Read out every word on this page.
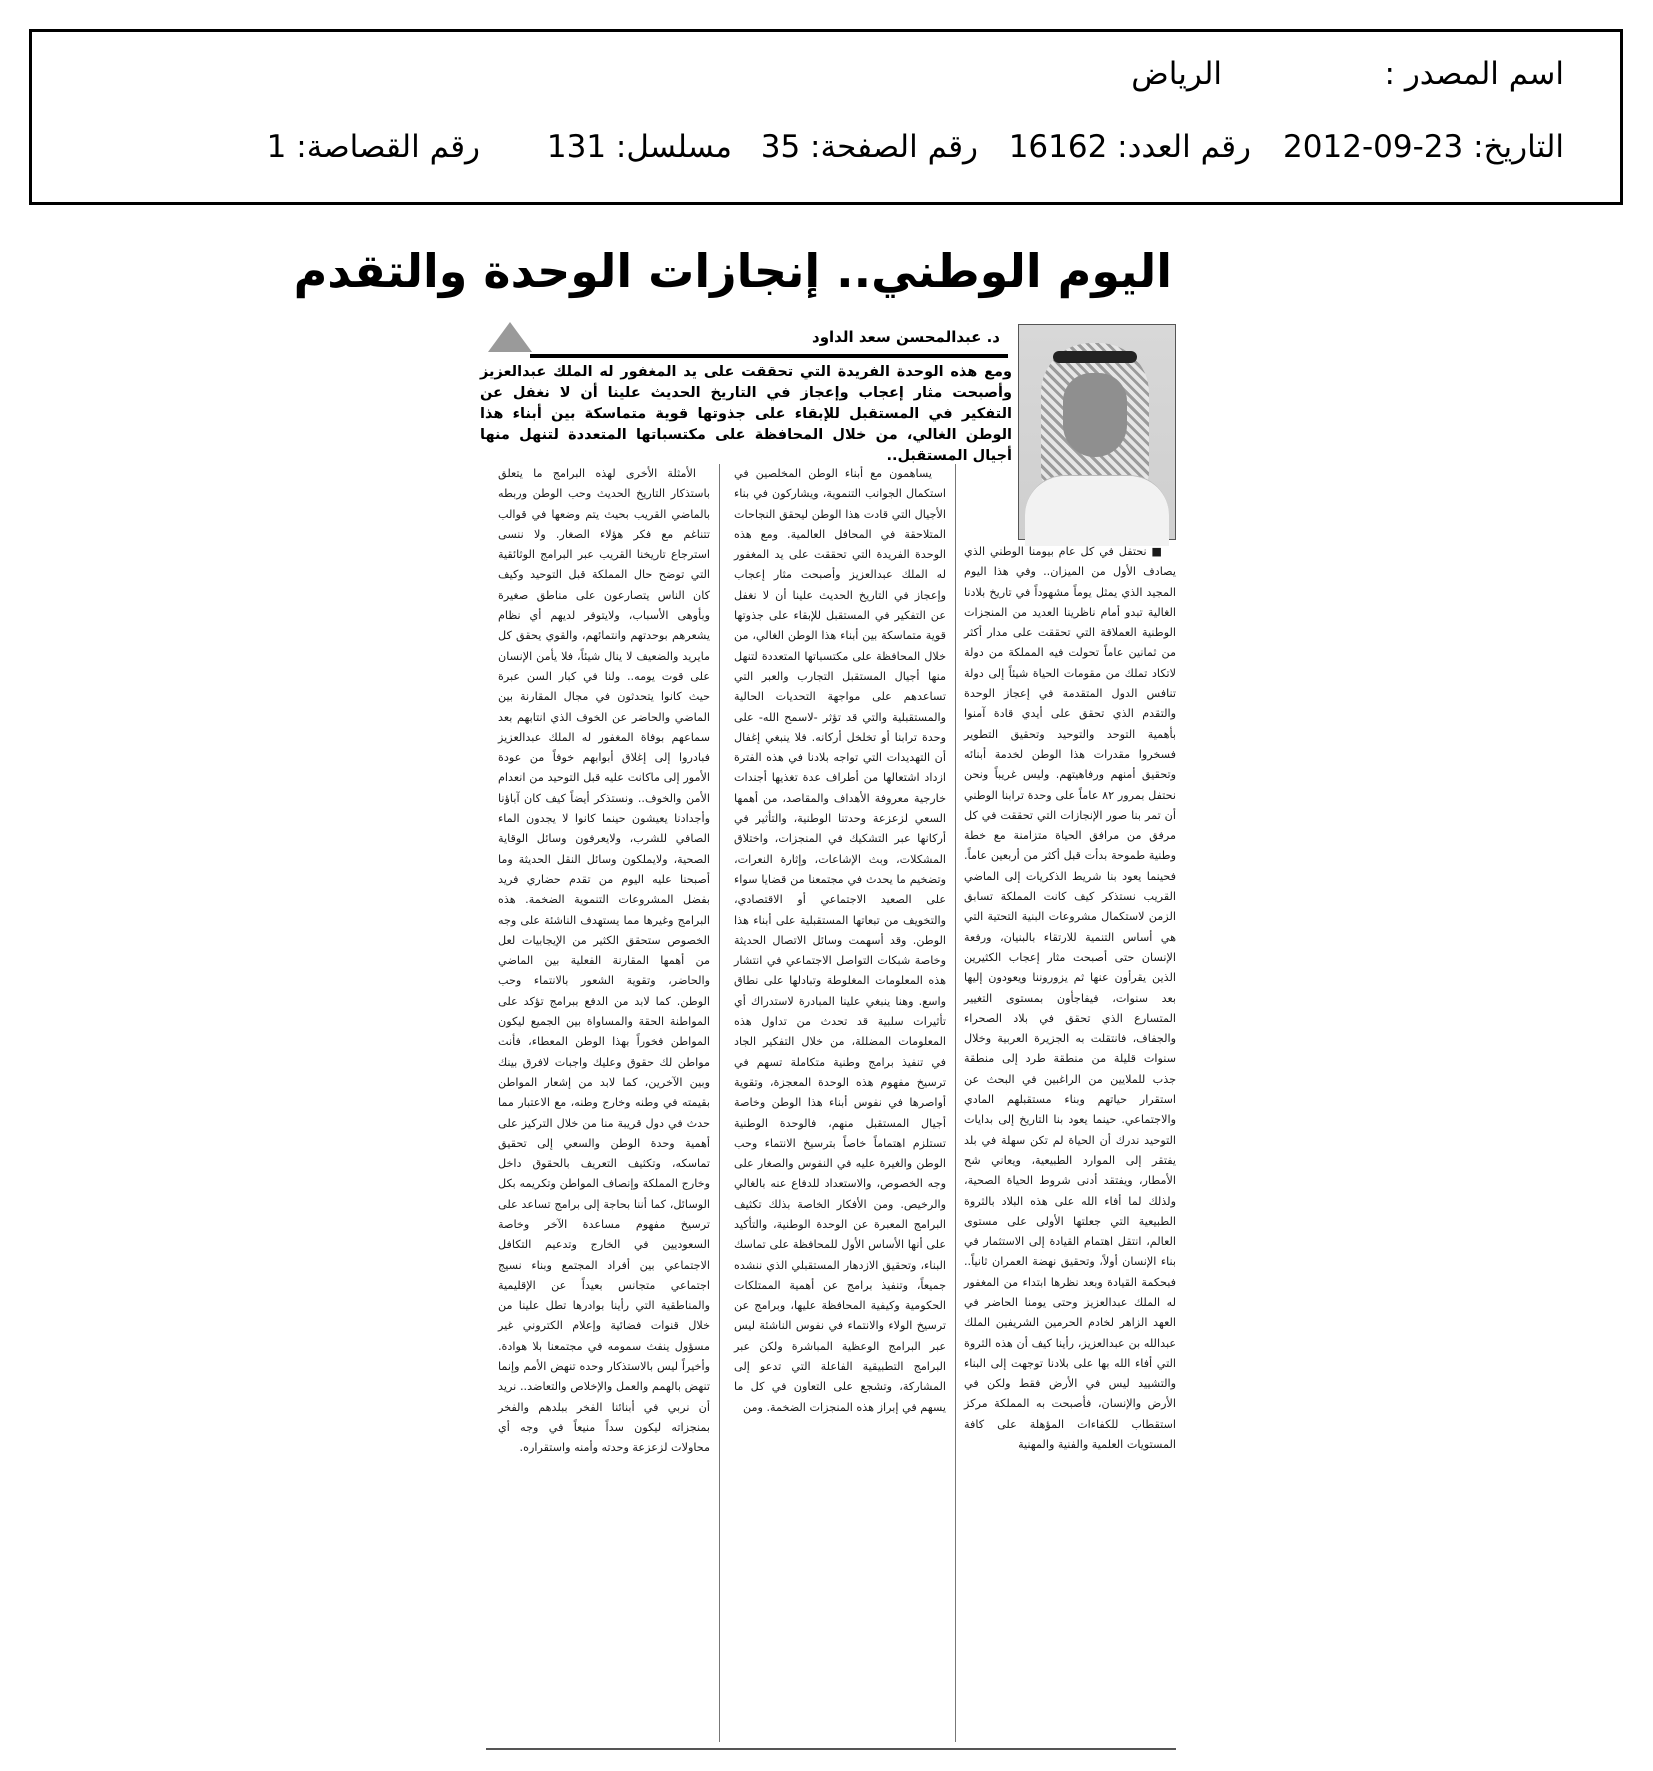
اسم المصدر :
الرياض
التاريخ: 23-09-2012
رقم العدد: 16162
رقم الصفحة: 35
مسلسل: 131
رقم القصاصة: 1
اليوم الوطني.. إنجازات الوحدة والتقدم
د. عبدالمحسن سعد الداود
ومع هذه الوحدة الفريدة التي تحققت على يد المغفور له الملك عبدالعزيز وأصبحت مثار إعجاب وإعجاز في التاريخ الحديث علينا أن لا نغفل عن التفكير في المستقبل للإبقاء على جذوتها قوية متماسكة بين أبناء هذا الوطن الغالي، من خلال المحافظة على مكتسباتها المتعددة لتنهل منها أجيال المستقبل..

■ نحتفل في كل عام بيومنا الوطني الذي يصادف الأول من الميزان.. وفي هذا اليوم المجيد الذي يمثل يوماً مشهوداً في تاريخ بلادنا الغالية تبدو أمام ناظرينا العديد من المنجزات الوطنية العملاقة التي تحققت على مدار أكثر من ثمانين عاماً تحولت فيه المملكة من دولة لاتكاد تملك من مقومات الحياة شيئاً إلى دولة تنافس الدول المتقدمة في إعجاز الوحدة والتقدم الذي تحقق على أيدي قادة آمنوا بأهمية التوحد والتوحيد وتحقيق التطوير فسخروا مقدرات هذا الوطن لخدمة أبنائه وتحقيق أمنهم ورفاهيتهم. وليس غريباً ونحن نحتفل بمرور ٨٢ عاماً على وحدة ترابنا الوطني أن تمر بنا صور الإنجازات التي تحققت في كل مرفق من مرافق الحياة متزامنة مع خطة وطنية طموحة بدأت قبل أكثر من أربعين عاماً. فحينما يعود بنا شريط الذكريات إلى الماضي القريب نستذكر كيف كانت المملكة تسابق الزمن لاستكمال مشروعات البنية التحتية التي هي أساس التنمية للارتقاء بالبنيان، ورفعة الإنسان حتى أصبحت مثار إعجاب الكثيرين الذين يقرأون عنها ثم يزوروننا ويعودون إليها بعد سنوات، فيفاجأون بمستوى التغيير المتسارع الذي تحقق في بلاد الصحراء والجفاف، فانتقلت به الجزيرة العربية وخلال سنوات قليلة من منطقة طرد إلى منطقة جذب للملايين من الراغبين في البحث عن استقرار حياتهم وبناء مستقبلهم المادي والاجتماعي. حينما يعود بنا التاريخ إلى بدايات التوحيد ندرك أن الحياة لم تكن سهلة في بلد يفتقر إلى الموارد الطبيعية، ويعاني شح الأمطار، ويفتقد أدنى شروط الحياة الصحية، ولذلك لما أفاء الله على هذه البلاد بالثروة الطبيعية التي جعلتها الأولى على مستوى العالم، انتقل اهتمام القيادة إلى الاستثمار في بناء الإنسان أولاً، وتحقيق نهضة العمران ثانياً.. فبحكمة القيادة وبعد نظرها ابتداء من المغفور له الملك عبدالعزيز وحتى يومنا الحاضر في العهد الزاهر لخادم الحرمين الشريفين الملك عبدالله بن عبدالعزيز، رأينا كيف أن هذه الثروة التي أفاء الله بها على بلادنا توجهت إلى البناء والتشييد ليس في الأرض فقط ولكن في الأرض والإنسان، فأصبحت به المملكة مركز استقطاب للكفاءات المؤهلة على كافة المستويات العلمية والفنية والمهنية

يساهمون مع أبناء الوطن المخلصين في استكمال الجوانب التنموية، ويشاركون في بناء الأجيال التي قادت هذا الوطن ليحقق النجاحات المتلاحقة في المحافل العالمية. ومع هذه الوحدة الفريدة التي تحققت على يد المغفور له الملك عبدالعزيز وأصبحت مثار إعجاب وإعجاز في التاريخ الحديث علينا أن لا نغفل عن التفكير في المستقبل للإبقاء على جذوتها قوية متماسكة بين أبناء هذا الوطن الغالي، من خلال المحافظة على مكتسباتها المتعددة لتنهل منها أجيال المستقبل التجارب والعبر التي تساعدهم على مواجهة التحديات الحالية والمستقبلية والتي قد تؤثر -لاسمح الله- على وحدة ترابنا أو تخلخل أركانه. فلا ينبغي إغفال أن التهديدات التي تواجه بلادنا في هذه الفترة ازداد اشتعالها من أطراف عدة تغذيها أجندات خارجية معروفة الأهداف والمقاصد، من أهمها السعي لزعزعة وحدتنا الوطنية، والتأثير في أركانها عبر التشكيك في المنجزات، واختلاق المشكلات، وبث الإشاعات، وإثارة النعرات، وتضخيم ما يحدث في مجتمعنا من قضايا سواء على الصعيد الاجتماعي أو الاقتصادي، والتخويف من تبعاتها المستقبلية على أبناء هذا الوطن. وقد أسهمت وسائل الاتصال الحديثة وخاصة شبكات التواصل الاجتماعي في انتشار هذه المعلومات المغلوطة وتبادلها على نطاق واسع. وهنا ينبغي علينا المبادرة لاستدراك أي تأثيرات سلبية قد تحدث من تداول هذه المعلومات المضللة، من خلال التفكير الجاد في تنفيذ برامج وطنية متكاملة تسهم في ترسيخ مفهوم هذه الوحدة المعجزة، وتقوية أواصرها في نفوس أبناء هذا الوطن وخاصة أجيال المستقبل منهم، فالوحدة الوطنية تستلزم اهتماماً خاصاً بترسيخ الانتماء وحب الوطن والغيرة عليه في النفوس والصغار على وجه الخصوص، والاستعداد للدفاع عنه بالغالي والرخيص. ومن الأفكار الخاصة بذلك تكثيف البرامج المعبرة عن الوحدة الوطنية، والتأكيد على أنها الأساس الأول للمحافظة على تماسك البناء، وتحقيق الازدهار المستقبلي الذي ننشده جميعاً، وتنفيذ برامج عن أهمية الممتلكات الحكومية وكيفية المحافظة عليها، وبرامج عن ترسيخ الولاء والانتماء في نفوس الناشئة ليس عبر البرامج الوعظية المباشرة ولكن عبر البرامج التطبيقية الفاعلة التي تدعو إلى المشاركة، وتشجع على التعاون في كل ما يسهم في إبراز هذه المنجزات الضخمة. ومن

الأمثلة الأخرى لهذه البرامج ما يتعلق باستذكار التاريخ الحديث وحب الوطن وربطه بالماضي القريب بحيث يتم وضعها في قوالب تتناغم مع فكر هؤلاء الصغار. ولا ننسى استرجاع تاريخنا القريب عبر البرامج الوثائقية التي توضح حال المملكة قبل التوحيد وكيف كان الناس يتصارعون على مناطق صغيرة وبأوهى الأسباب، ولايتوفر لديهم أي نظام يشعرهم بوحدتهم وانتمائهم، والقوي يحقق كل مايريد والضعيف لا ينال شيئاً، فلا يأمن الإنسان على قوت يومه.. ولنا في كبار السن عبرة حيث كانوا يتحدثون في مجال المقارنة بين الماضي والحاضر عن الخوف الذي انتابهم بعد سماعهم بوفاة المغفور له الملك عبدالعزيز فبادروا إلى إغلاق أبوابهم خوفاً من عودة الأمور إلى ماكانت عليه قبل التوحيد من انعدام الأمن والخوف.. ونستذكر أيضاً كيف كان آباؤنا وأجدادنا يعيشون حينما كانوا لا يجدون الماء الصافي للشرب، ولايعرفون وسائل الوقاية الصحية، ولايملكون وسائل النقل الحديثة وما أصبحنا عليه اليوم من تقدم حضاري فريد بفضل المشروعات التنموية الضخمة. هذه البرامج وغيرها مما يستهدف الناشئة على وجه الخصوص ستحقق الكثير من الإيجابيات لعل من أهمها المقارنة الفعلية بين الماضي والحاضر، وتقوية الشعور بالانتماء وحب الوطن. كما لابد من الدفع ببرامج تؤكد على المواطنة الحقة والمساواة بين الجميع ليكون المواطن فخوراً بهذا الوطن المعطاء، فأنت مواطن لك حقوق وعليك واجبات لافرق بينك وبين الآخرين، كما لابد من إشعار المواطن بقيمته في وطنه وخارج وطنه، مع الاعتبار مما حدث في دول قريبة منا من خلال التركيز على أهمية وحدة الوطن والسعي إلى تحقيق تماسكه، وتكثيف التعريف بالحقوق داخل وخارج المملكة وإنصاف المواطن وتكريمه بكل الوسائل، كما أننا بحاجة إلى برامج تساعد على ترسيخ مفهوم مساعدة الآخر وخاصة السعوديين في الخارج وتدعيم التكافل الاجتماعي بين أفراد المجتمع وبناء نسيج اجتماعي متجانس بعيداً عن الإقليمية والمناطقية التي رأينا بوادرها تطل علينا من خلال قنوات فضائية وإعلام الكتروني غير مسؤول ينفث سمومه في مجتمعنا بلا هوادة. وأخيراً ليس بالاستذكار وحده تنهض الأمم وإنما تنهض بالهمم والعمل والإخلاص والتعاضد.. نريد أن نربي في أبنائنا الفخر ببلدهم والفخر بمنجزاته ليكون سداً منيعاً في وجه أي محاولات لزعزعة وحدته وأمنه واستقراره.
